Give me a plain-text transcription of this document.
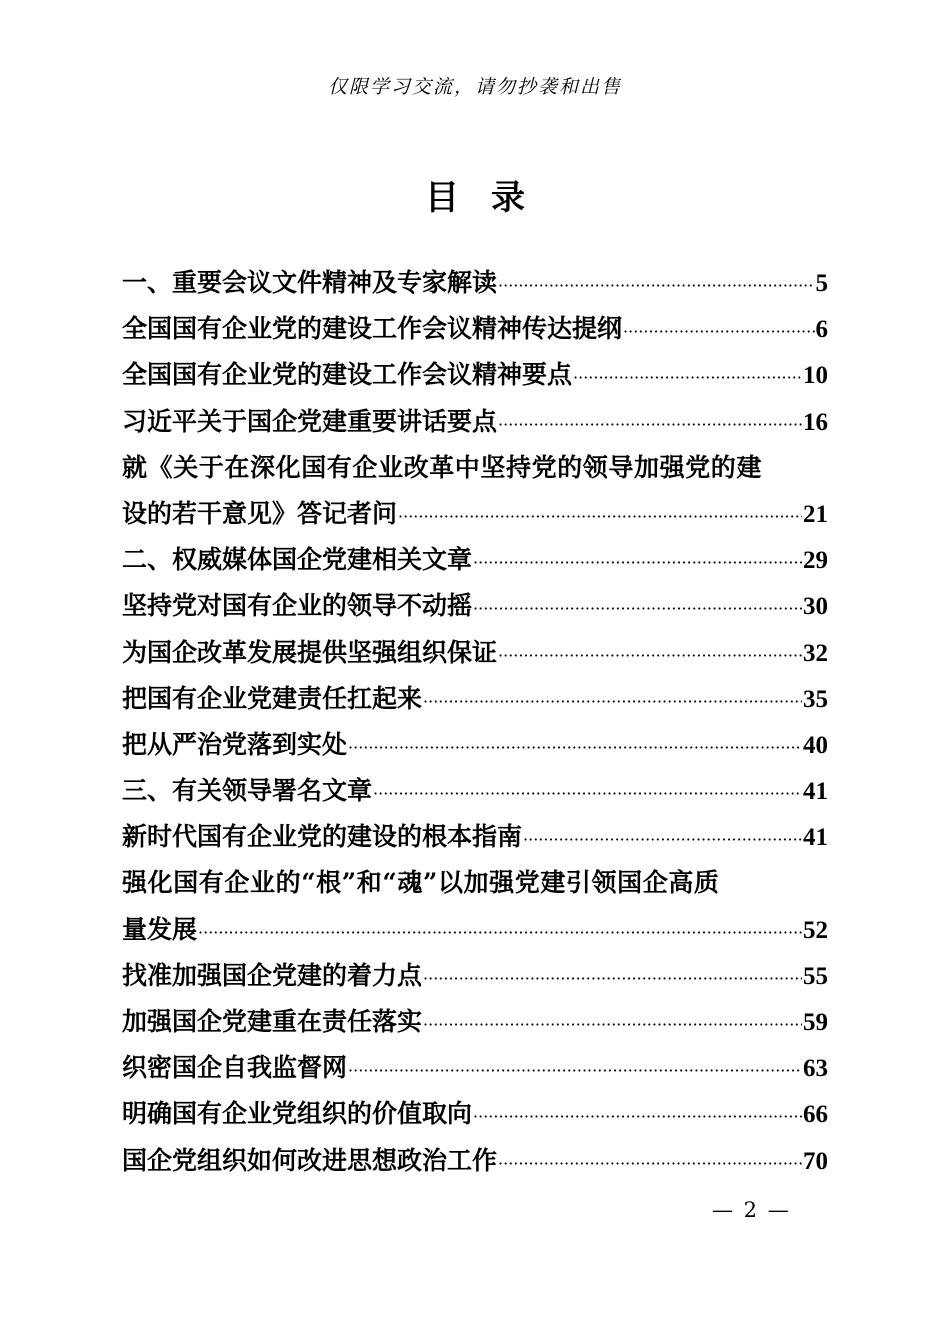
仅限学习交流，请勿抄袭和出售
目录
一、重要会议文件精神及专家解读 ·····	5
全国国有企业党的建设工作会议精神传达提纲 ·····	6
全国国有企业党的建设工作会议精神要点 ·····	10
习近平关于国企党建重要讲话要点 ·····	16
就《关于在深化国有企业改革中坚持党的领导加强党的建
设的若干意见》答记者问 ·····	21
二、权威媒体国企党建相关文章 ·····	29
坚持党对国有企业的领导不动摇 ·····	30
为国企改革发展提供坚强组织保证 ·····	32
把国有企业党建责任扛起来 ·····	35
把从严治党落到实处 ·····	40
三、有关领导署名文章 ·····	41
新时代国有企业党的建设的根本指南 ·····	41
强化国有企业的“根”和“魂”以加强党建引领国企高质
量发展 ·····	52
找准加强国企党建的着力点 ·····	55
加强国企党建重在责任落实 ·····	59
织密国企自我监督网 ·····	63
明确国有企业党组织的价值取向 ·····	66
国企党组织如何改进思想政治工作 ·····	70
— 2 —
